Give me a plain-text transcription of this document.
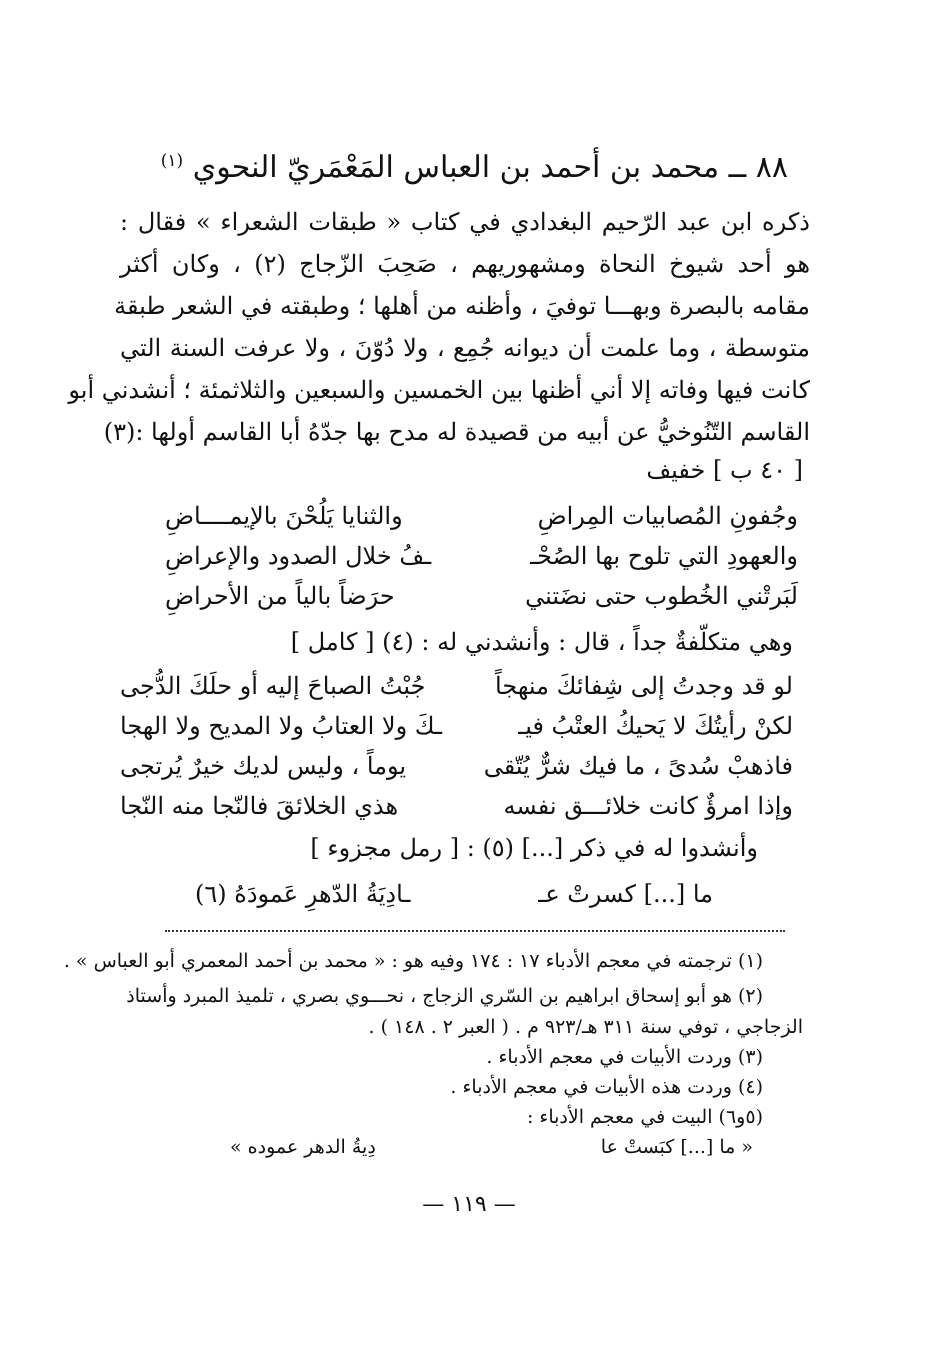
٨٨ ــ محمد بن أحمد بن العباس المَعْمَريّ النحوي $^{(١)}$
ذكره ابن عبد الرّحيم البغدادي في كتاب « طبقات الشعراء » فقال :
هو أحد شيوخ النحاة ومشهوريهم ، صَحِبَ الزّجاج (٢) ، وكان أكثر
مقامه بالبصرة وبهـــا توفيَ ، وأظنه من أهلها ؛ وطبقته في الشعر طبقة
متوسطة ، وما علمت أن ديوانه جُمِع ، ولا دُوّنَ ، ولا عرفت السنة التي
كانت فيها وفاته إلا أني أظنها بين الخمسين والسبعين والثلاثمئة ؛ أنشدني أبو
القاسم التّنُوخيُّ عن أبيه من قصيدة له مدح بها جدّهُ أبا القاسم أولها :(٣)
[ ٤٠ ب ] خفيف
وجُفونِ المُصابيات المِراضِ
والثنايا يَلُحْنَ بالإيمــــاضِ
والعهودِ التي تلوح بها الصُحْـ
ـفُ خلال الصدود والإعراضِ
لَبَرتْني الخُطوب حتى نضَتني
حرَضاً بالياً من الأحراضِ
وهي متكلّفةٌ جداً ، قال : وأنشدني له : (٤) [ كامل ]
لو قد وجدتُ إلى شِفائكَ منهجاً
جُبْتُ الصباحَ إليه أو حلَكَ الدُّجى
لكنْ رأيتُكَ لا يَحيكُ العتْبُ فيـ
ـكَ ولا العتابُ ولا المديح ولا الهجا
فاذهبْ سُدىً ، ما فيك شرٌّ يُتّقى
يوماً ، وليس لديك خيرٌ يُرتجى
وإذا امرؤٌ كانت خلائـــق نفسه
هذي الخلائقَ فالنّجا منه النّجا
وأنشدوا له في ذكر [...] (٥) : [ رمل مجزوء ]
ما [...] كسرتْ عـ
ـادِيَةُ الدّهرِ عَمودَهُ (٦)
(١) ترجمته في معجم الأدباء ١٧ : ١٧٤ وفيه هو : « محمد بن أحمد المعمري أبو العباس » .
(٢) هو أبو إسحاق ابراهيم بن السّري الزجاج ، نحـــوي بصري ، تلميذ المبرد وأستاذ
الزجاجي ، توفي سنة ٣١١ هـ/٩٢٣ م . ( العبر ٢ . ١٤٨ ) .
(٣) وردت الأبيات في معجم الأدباء .
(٤) وردت هذه الأبيات في معجم الأدباء .
(٥و٦) البيت في معجم الأدباء :
« ما [...] كبَستْ عا
دِيةُ الدهر عموده »
— ١١٩ —
